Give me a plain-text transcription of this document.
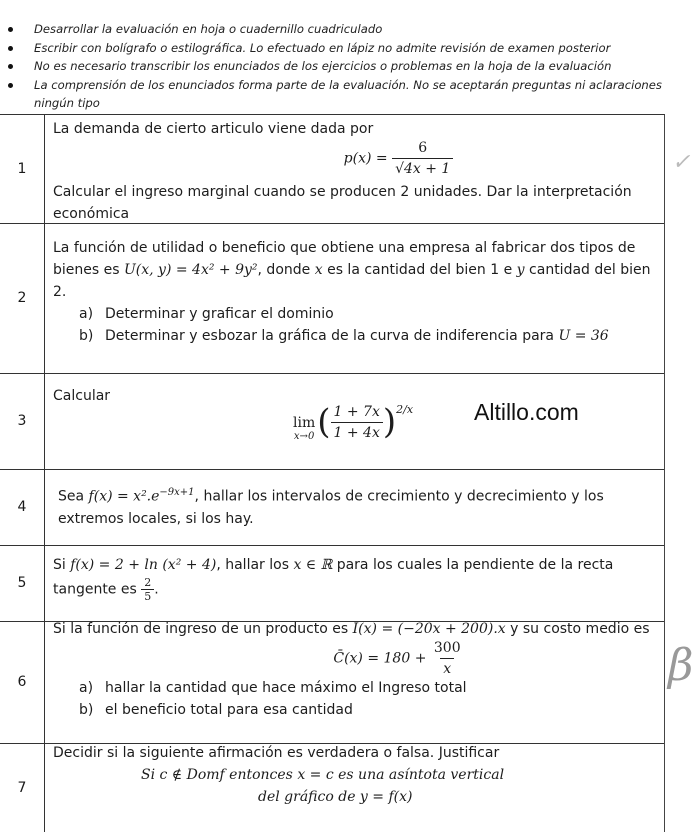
Desarrollar la evaluación en hoja o cuadernillo cuadriculado
Escribir con bolígrafo o estilográfica. Lo efectuado en lápiz no admite revisión de examen posterior
No es necesario transcribir los enunciados de los ejercicios o problemas en la hoja de la evaluación
La comprensión de los enunciados forma parte de la evaluación. No se aceptarán preguntas ni aclaraciones ningún tipo
1
La demanda de cierto articulo viene dada por
$p(x) = \frac{6}{√4x + 1}$
Calcular el ingreso marginal cuando se producen 2 unidades. Dar la interpretación económica
2
La función de utilidad o beneficio que obtiene una empresa al fabricar dos tipos de bienes es U(x, y) = 4x² + 9y², donde x es la cantidad del bien 1 e y cantidad del bien 2.
a) Determinar y graficar el dominio
b) Determinar y esbozar la gráfica de la curva de indiferencia para U = 36
3
Calcular
lim
x→0 ( $\frac{1 + 7x}{1 + 4x}$ ) 2/x
4
Sea $f(x) = x^2.e^{-9x+1}$, hallar los intervalos de crecimiento y decrecimiento y los extremos locales, si los hay.
5
Si f(x) = 2 + ln (x² + 4), hallar los x ∈ ℝ para los cuales la pendiente de la recta tangente es $\frac{2}{5}$ .
6
Si la función de ingreso de un producto es I(x) = (−20x + 200).x y su costo medio es
C̄(x) = $180 + \frac{300}{x}$
a) hallar la cantidad que hace máximo el Ingreso total
b) el beneficio total para esa cantidad
7
Decidir si la siguiente afirmación es verdadera o falsa. Justificar
Si c ∉ Domf entonces x = c es una asíntota vertical
del gráfico de y = f(x)
Altillo.com
✓
β
